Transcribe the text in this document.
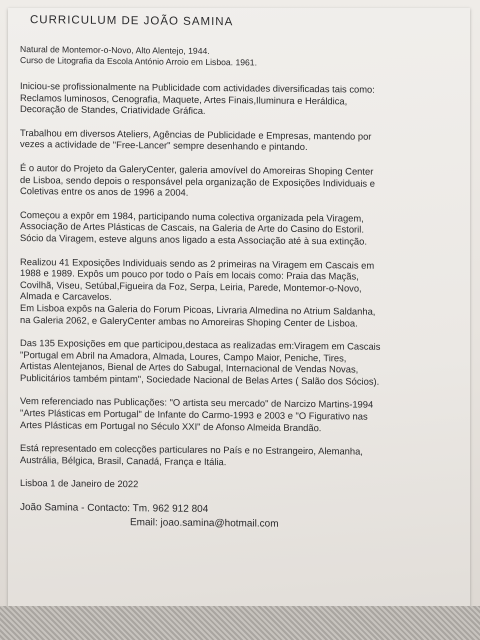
CURRICULUM DE JOÃO SAMINA
Natural de Montemor-o-Novo, Alto Alentejo, 1944.
Curso de Litografia da Escola António Arroio em Lisboa. 1961.
Iniciou-se profissionalmente na Publicidade com actividades diversificadas tais como:
Reclamos luminosos, Cenografia, Maquete, Artes Finais,Iluminura e Heráldica,
Decoração de Standes, Criatividade Gráfica.
Trabalhou em diversos Ateliers, Agências de Publicidade e Empresas, mantendo por
vezes a actividade de "Free-Lancer" sempre desenhando e pintando.
É o autor do Projeto da GaleryCenter, galeria amovível do Amoreiras Shoping Center
de Lisboa, sendo depois o responsável pela organização de Exposições Individuais e
Coletivas entre os anos de 1996 a 2004.
Começou a expôr em 1984, participando numa colectiva organizada pela Viragem,
Associação de Artes Plásticas de Cascais, na Galeria de Arte do Casino do Estoril.
Sócio da Viragem, esteve alguns anos ligado a esta Associação até à sua extinção.
Realizou 41 Exposições Individuais sendo as 2 primeiras na Viragem em Cascais em
1988 e 1989. Expôs um pouco por todo o País em locais como: Praia das Maçãs,
Covilhã, Viseu, Setúbal,Figueira da Foz, Serpa, Leiria, Parede, Montemor-o-Novo,
Almada e Carcavelos.
Em Lisboa expôs na Galeria do Forum Picoas, Livraria Almedina no Atrium Saldanha,
na Galeria 2062, e GaleryCenter ambas no Amoreiras Shoping Center de Lisboa.
Das 135 Exposições em que participou,destaca as realizadas em:Viragem em Cascais
"Portugal em Abril na Amadora, Almada, Loures, Campo Maior, Peniche, Tires,
Artistas Alentejanos, Bienal de Artes do Sabugal, Internacional de Vendas Novas,
Publicitários também pintam", Sociedade Nacional de Belas Artes ( Salão dos Sócios).
Vem referenciado nas Publicações: "O artista seu mercado" de Narcizo Martins-1994
"Artes Plásticas em Portugal" de Infante do Carmo-1993 e 2003 e "O Figurativo nas
Artes Plásticas em Portugal no Século XXI" de Afonso Almeida Brandão.
Está representado em colecções particulares no País e no Estrangeiro, Alemanha,
Austrália, Bélgica, Brasil, Canadá, França e Itália.
Lisboa 1 de Janeiro de 2022
João Samina - Contacto: Tm. 962 912 804
Email: joao.samina@hotmail.com
